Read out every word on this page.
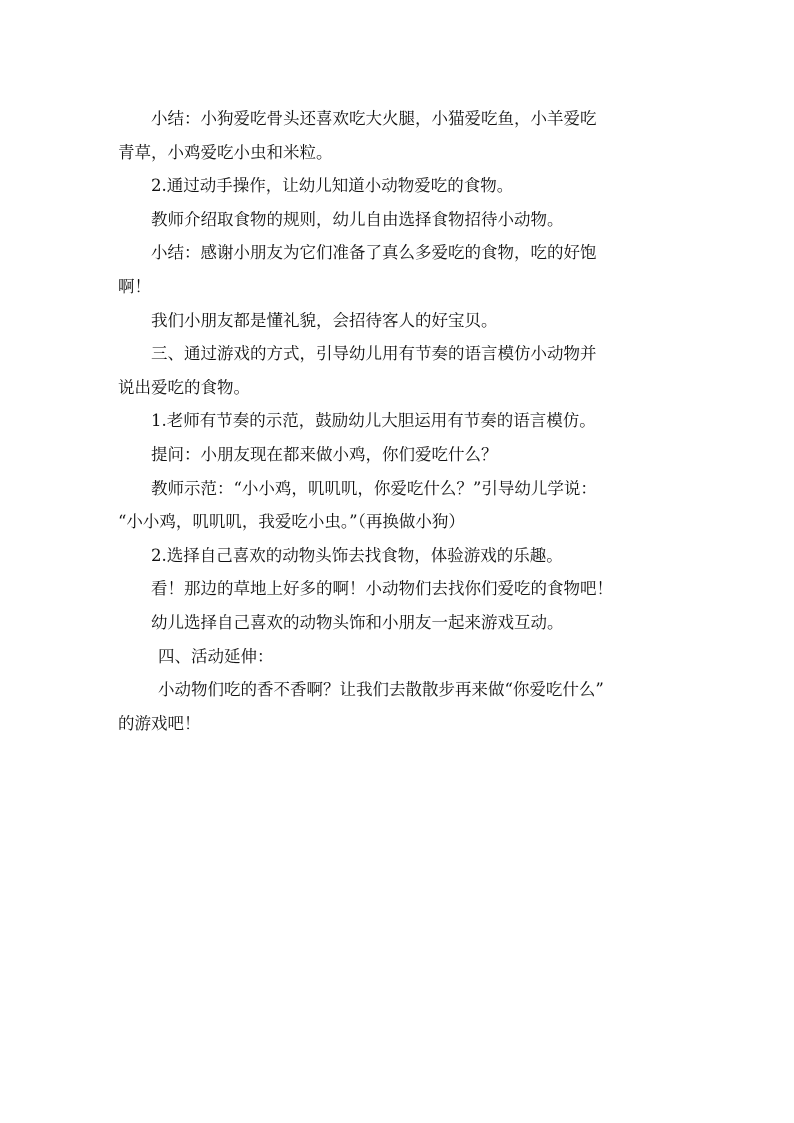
小结：小狗爱吃骨头还喜欢吃大火腿，小猫爱吃鱼，小羊爱吃
青草，小鸡爱吃小虫和米粒。
2.通过动手操作，让幼儿知道小动物爱吃的食物。
教师介绍取食物的规则，幼儿自由选择食物招待小动物。
小结：感谢小朋友为它们准备了真么多爱吃的食物，吃的好饱
啊！
我们小朋友都是懂礼貌，会招待客人的好宝贝。
三、通过游戏的方式，引导幼儿用有节奏的语言模仿小动物并
说出爱吃的食物。
1.老师有节奏的示范，鼓励幼儿大胆运用有节奏的语言模仿。
提问：小朋友现在都来做小鸡，你们爱吃什么？
教师示范：“小小鸡，叽叽叽，你爱吃什么？”引导幼儿学说：
“小小鸡，叽叽叽，我爱吃小虫。”（再换做小狗）
2.选择自己喜欢的动物头饰去找食物，体验游戏的乐趣。
看！那边的草地上好多的啊！小动物们去找你们爱吃的食物吧！
幼儿选择自己喜欢的动物头饰和小朋友一起来游戏互动。
四、活动延伸：
小动物们吃的香不香啊？让我们去散散步再来做“你爱吃什么”
的游戏吧！
